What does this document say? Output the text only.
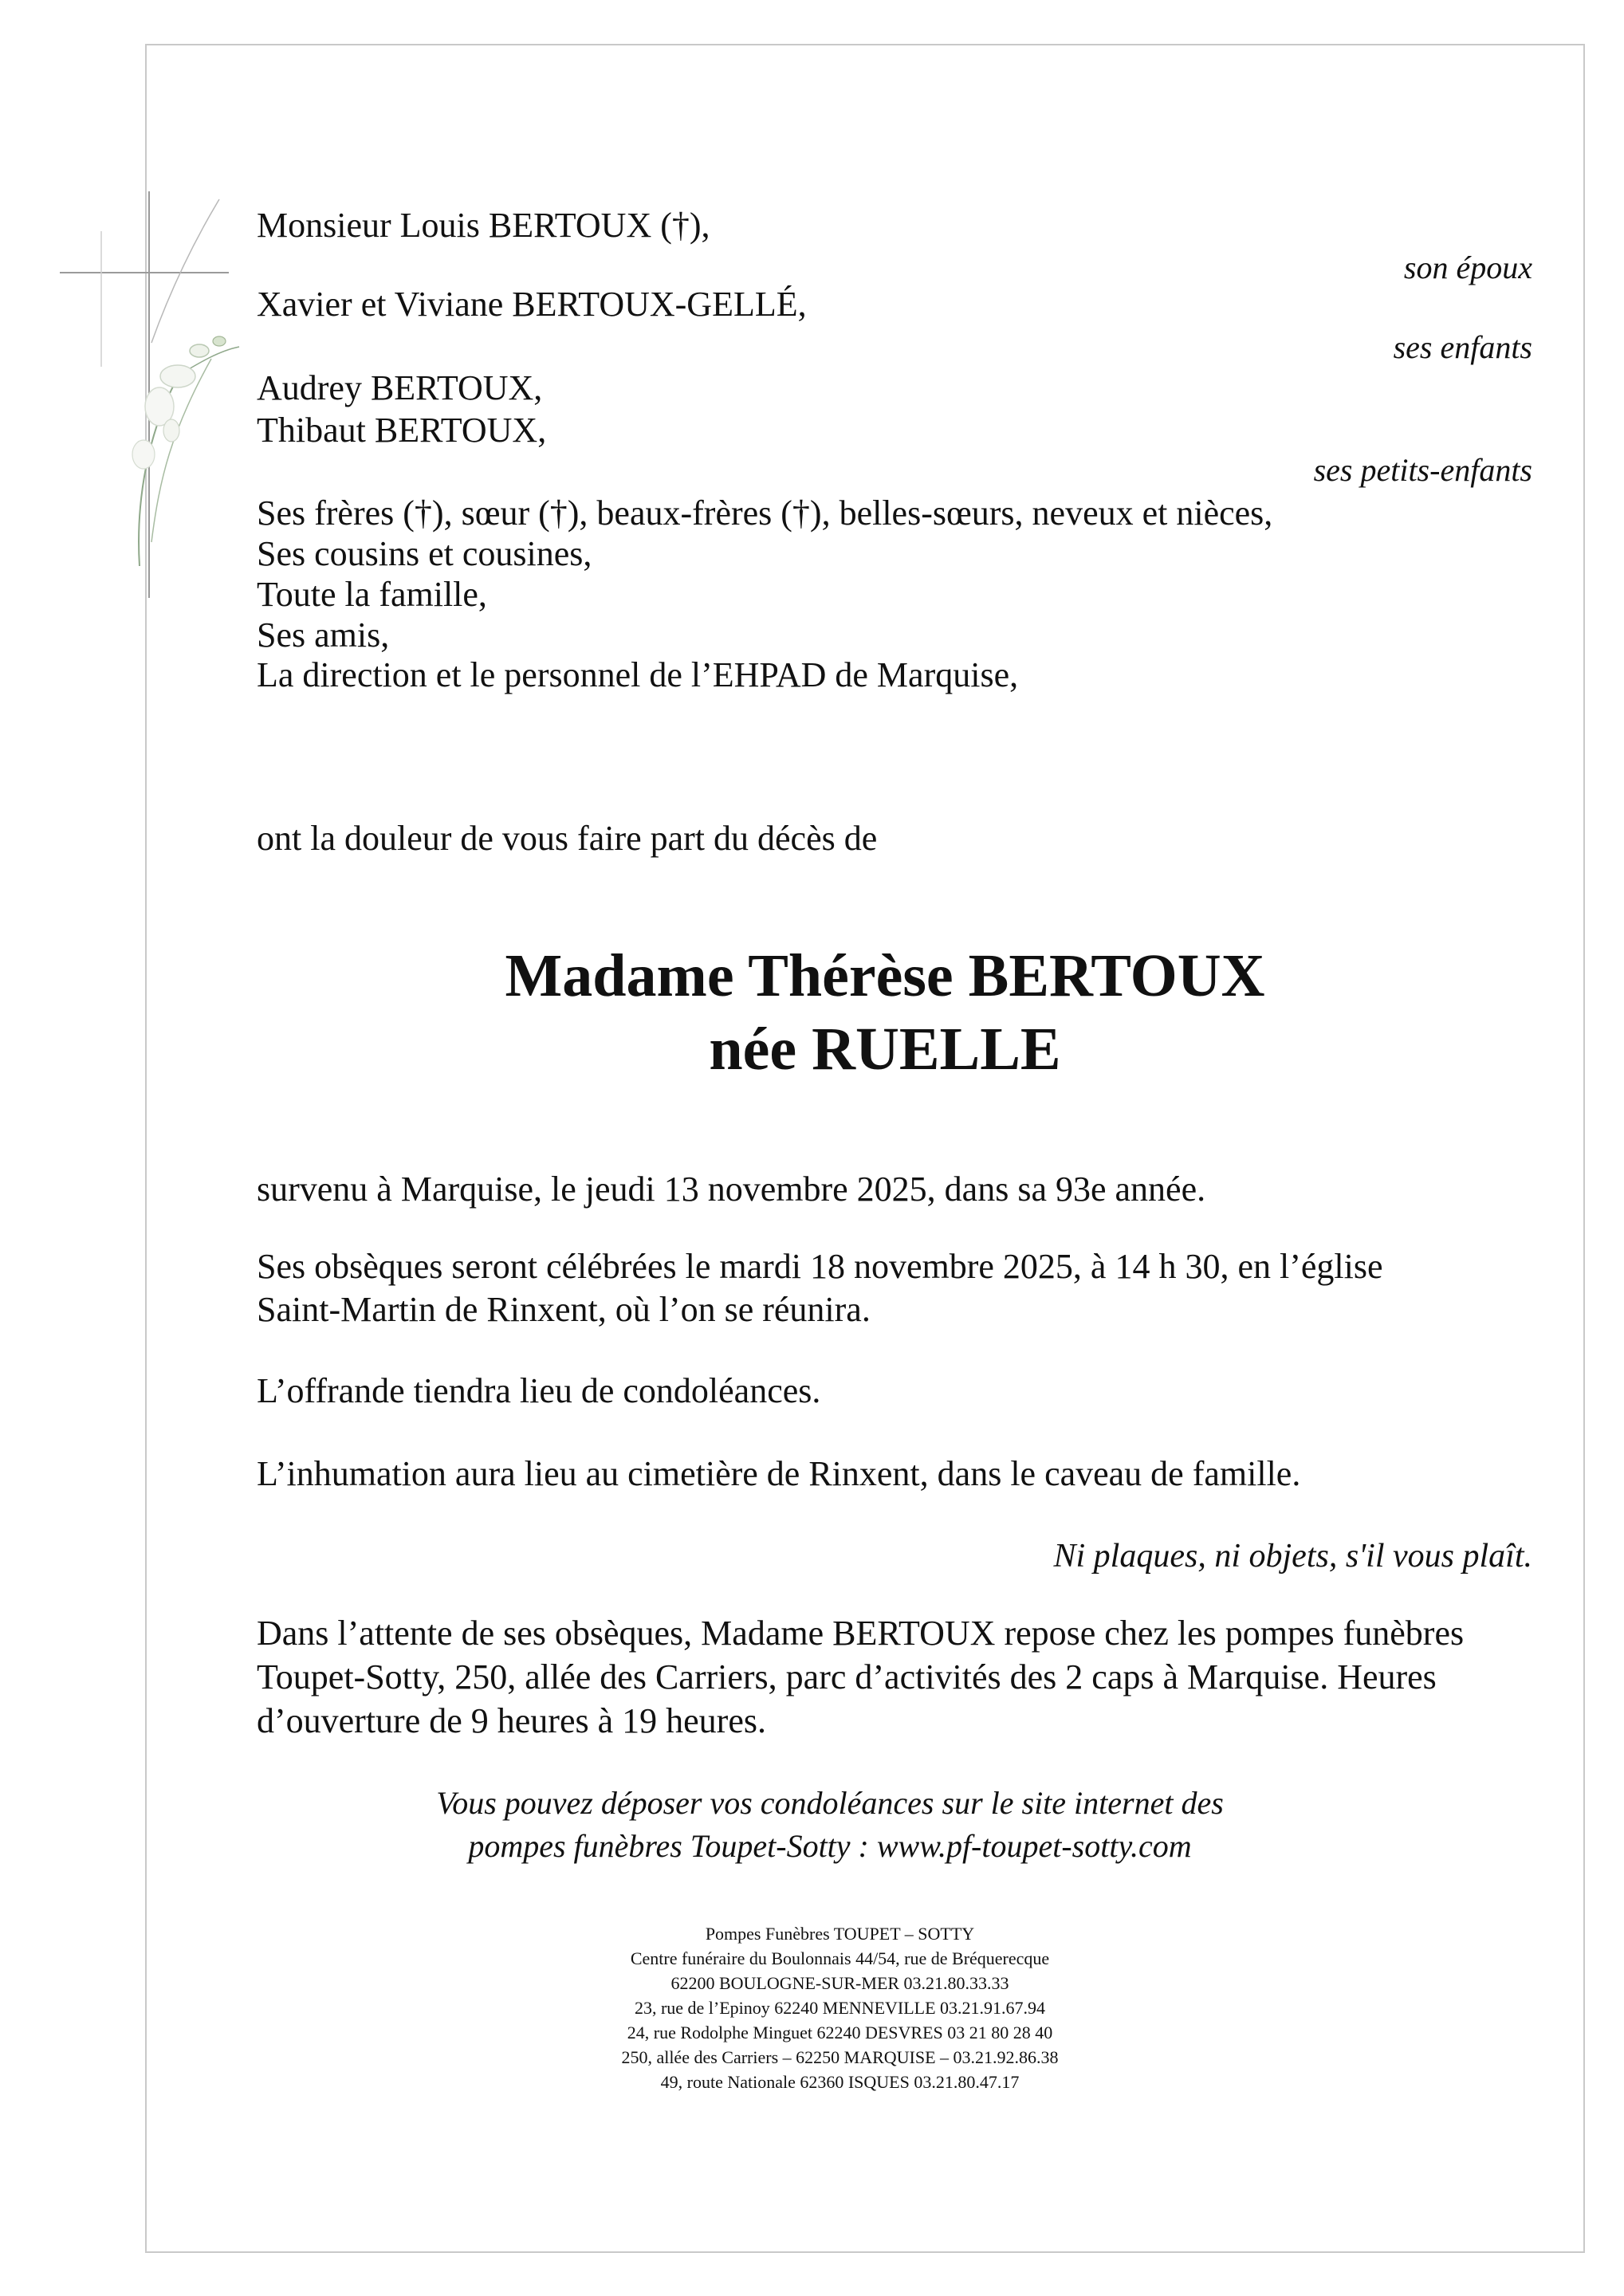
Monsieur Louis BERTOUX (†),
son époux
Xavier et Viviane BERTOUX-GELLÉ,
ses enfants
Audrey BERTOUX,
Thibaut BERTOUX,
ses petits-enfants
Ses frères (†), sœur (†), beaux-frères (†), belles-sœurs, neveux et nièces,
Ses cousins et cousines,
Toute la famille,
Ses amis,
La direction et le personnel de l’EHPAD de Marquise,
ont la douleur de vous faire part du décès de
Madame Thérèse BERTOUX
née RUELLE
survenu à Marquise, le jeudi 13 novembre 2025, dans sa 93e année.
Ses obsèques seront célébrées le mardi 18 novembre 2025, à 14 h 30, en l’église
Saint-Martin de Rinxent, où l’on se réunira.
L’offrande tiendra lieu de condoléances.
L’inhumation aura lieu au cimetière de Rinxent, dans le caveau de famille.
Ni plaques, ni objets, s'il vous plaît.
Dans l’attente de ses obsèques, Madame BERTOUX repose chez les pompes funèbres
Toupet-Sotty, 250, allée des Carriers, parc d’activités des 2 caps à Marquise. Heures
d’ouverture de 9 heures à 19 heures.
Vous pouvez déposer vos condoléances sur le site internet des
pompes funèbres Toupet-Sotty : www.pf-toupet-sotty.com
Pompes Funèbres TOUPET – SOTTY
Centre funéraire du Boulonnais 44/54, rue de Bréquerecque
62200 BOULOGNE-SUR-MER 03.21.80.33.33
23, rue de l’Epinoy 62240 MENNEVILLE 03.21.91.67.94
24, rue Rodolphe Minguet 62240 DESVRES 03 21 80 28 40
250, allée des Carriers – 62250 MARQUISE – 03.21.92.86.38
49, route Nationale 62360 ISQUES 03.21.80.47.17
